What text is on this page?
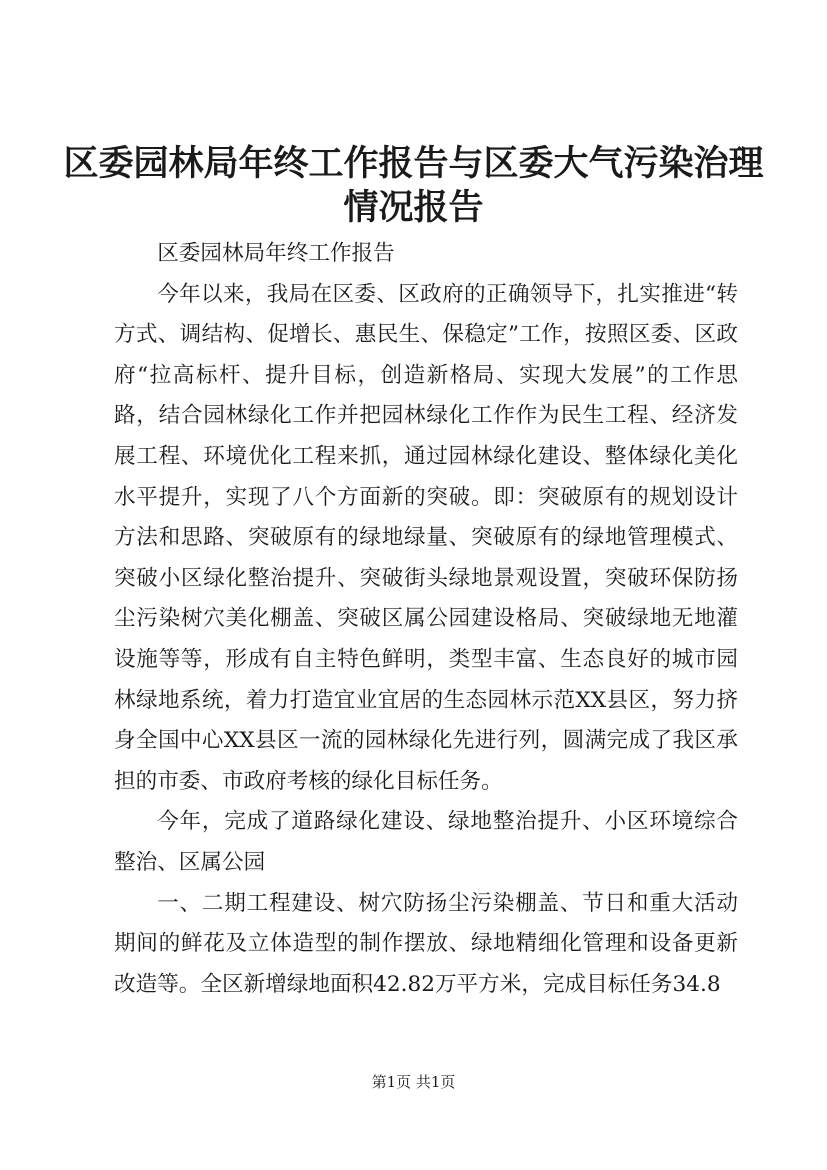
区委园林局年终工作报告与区委大气污染治理情况报告

区委园林局年终工作报告

今年以来，我局在区委、区政府的正确领导下，扎实推进“转方式、调结构、促增长、惠民生、保稳定”工作，按照区委、区政府“拉高标杆、提升目标，创造新格局、实现大发展”的工作思路，结合园林绿化工作并把园林绿化工作作为民生工程、经济发展工程、环境优化工程来抓，通过园林绿化建设、整体绿化美化水平提升，实现了八个方面新的突破。即：突破原有的规划设计方法和思路、突破原有的绿地绿量、突破原有的绿地管理模式、突破小区绿化整治提升、突破街头绿地景观设置，突破环保防扬尘污染树穴美化棚盖、突破区属公园建设格局、突破绿地无地灌设施等等，形成有自主特色鲜明，类型丰富、生态良好的城市园林绿地系统，着力打造宜业宜居的生态园林示范XX县区，努力挤身全国中心XX县区一流的园林绿化先进行列，圆满完成了我区承担的市委、市政府考核的绿化目标任务。

今年，完成了道路绿化建设、绿地整治提升、小区环境综合整治、区属公园

一、二期工程建设、树穴防扬尘污染棚盖、节日和重大活动期间的鲜花及立体造型的制作摆放、绿地精细化管理和设备更新改造等。全区新增绿地面积42.82万平方米，完成目标任务34.8

第1页 共1页
